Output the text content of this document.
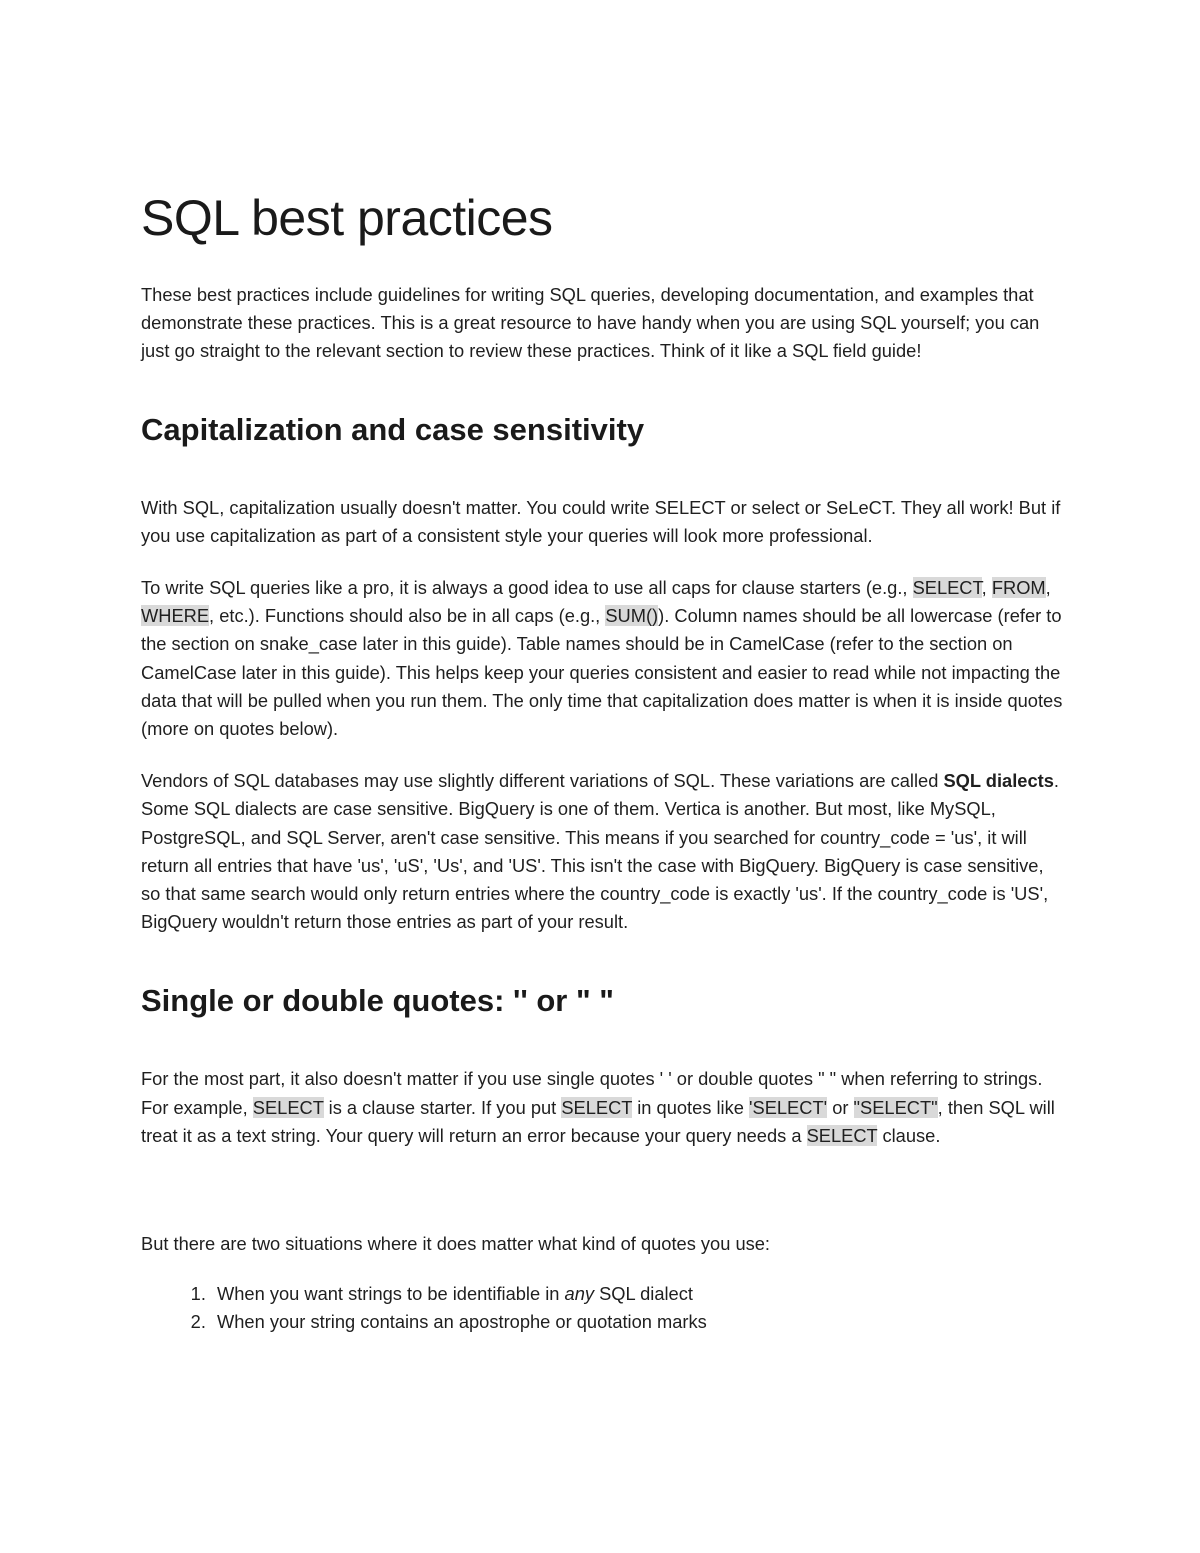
SQL best practices

These best practices include guidelines for writing SQL queries, developing documentation, and examples that demonstrate these practices. This is a great resource to have handy when you are using SQL yourself; you can just go straight to the relevant section to review these practices. Think of it like a SQL field guide!

Capitalization and case sensitivity

With SQL, capitalization usually doesn't matter. You could write SELECT or select or SeLeCT. They all work! But if you use capitalization as part of a consistent style your queries will look more professional.

To write SQL queries like a pro, it is always a good idea to use all caps for clause starters (e.g., SELECT, FROM, WHERE, etc.). Functions should also be in all caps (e.g., SUM()). Column names should be all lowercase (refer to the section on snake_case later in this guide). Table names should be in CamelCase (refer to the section on CamelCase later in this guide). This helps keep your queries consistent and easier to read while not impacting the data that will be pulled when you run them. The only time that capitalization does matter is when it is inside quotes (more on quotes below).

Vendors of SQL databases may use slightly different variations of SQL. These variations are called SQL dialects. Some SQL dialects are case sensitive. BigQuery is one of them. Vertica is another. But most, like MySQL, PostgreSQL, and SQL Server, aren't case sensitive. This means if you searched for country_code = 'us', it will return all entries that have 'us', 'uS', 'Us', and 'US'. This isn't the case with BigQuery. BigQuery is case sensitive, so that same search would only return entries where the country_code is exactly 'us'. If the country_code is 'US', BigQuery wouldn't return those entries as part of your result.

Single or double quotes: '' or " "

For the most part, it also doesn't matter if you use single quotes ' ' or double quotes " " when referring to strings. For example, SELECT is a clause starter. If you put SELECT in quotes like 'SELECT' or "SELECT", then SQL will treat it as a text string. Your query will return an error because your query needs a SELECT clause.

But there are two situations where it does matter what kind of quotes you use:

1. When you want strings to be identifiable in any SQL dialect
2. When your string contains an apostrophe or quotation marks
